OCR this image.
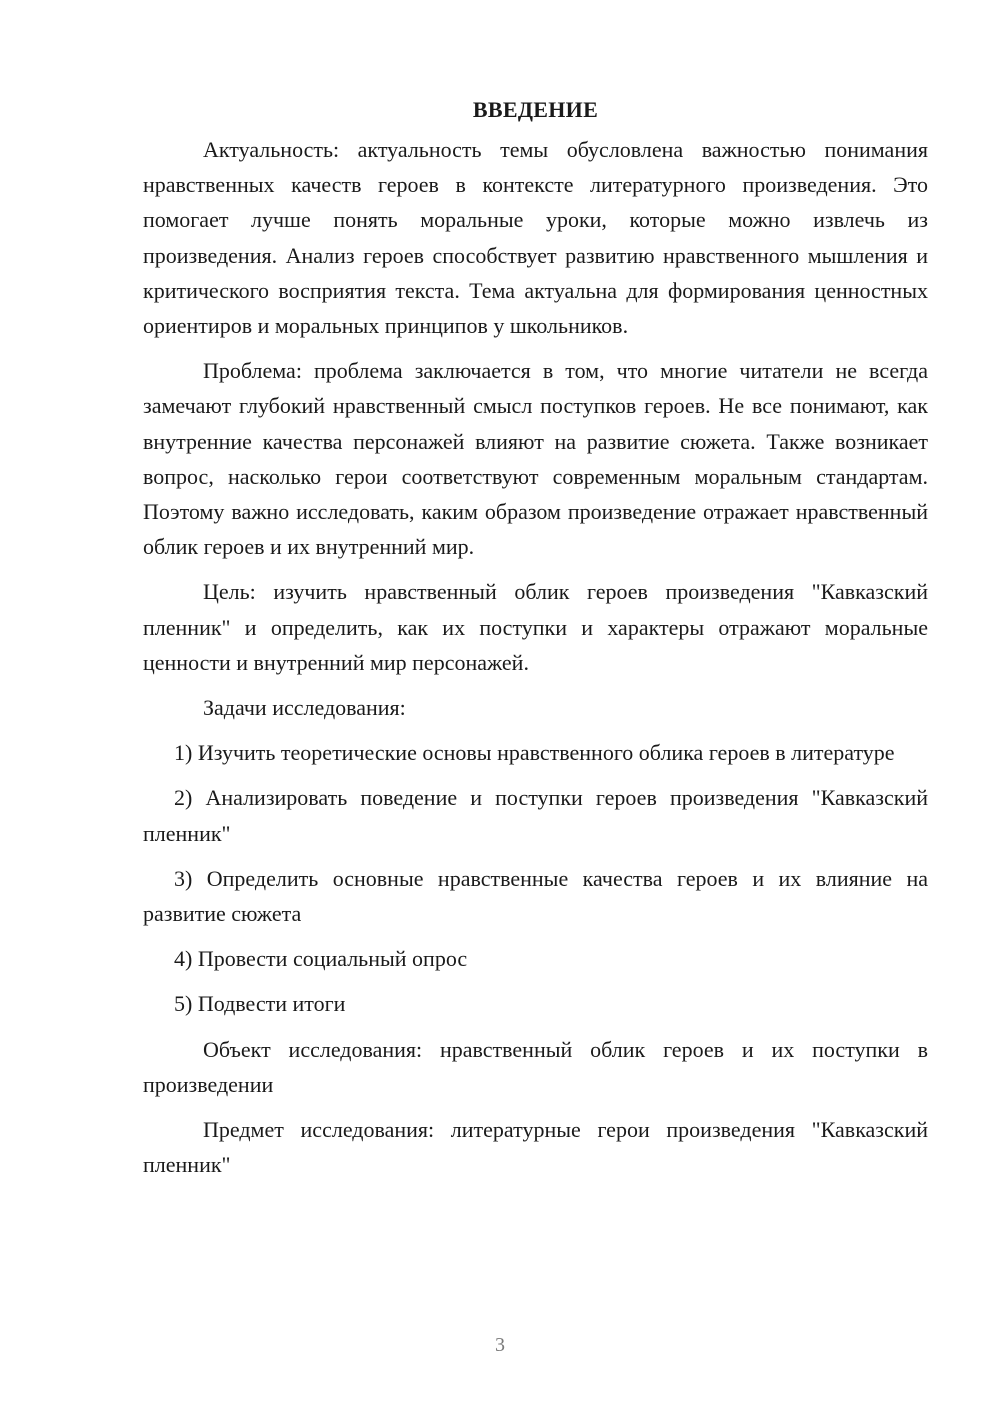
ВВЕДЕНИЕ

Актуальность: актуальность темы обусловлена важностью понимания нравственных качеств героев в контексте литературного произведения. Это помогает лучше понять моральные уроки, которые можно извлечь из произведения. Анализ героев способствует развитию нравственного мышления и критического восприятия текста. Тема актуальна для формирования ценностных ориентиров и моральных принципов у школьников.

Проблема: проблема заключается в том, что многие читатели не всегда замечают глубокий нравственный смысл поступков героев. Не все понимают, как внутренние качества персонажей влияют на развитие сюжета. Также возникает вопрос, насколько герои соответствуют современным моральным стандартам. Поэтому важно исследовать, каким образом произведение отражает нравственный облик героев и их внутренний мир.

Цель: изучить нравственный облик героев произведения "Кавказский пленник" и определить, как их поступки и характеры отражают моральные ценности и внутренний мир персонажей.

Задачи исследования:

1) Изучить теоретические основы нравственного облика героев в литературе

2) Анализировать поведение и поступки героев произведения "Кавказский пленник"

3) Определить основные нравственные качества героев и их влияние на развитие сюжета

4) Провести социальный опрос

5) Подвести итоги

Объект исследования: нравственный облик героев и их поступки в произведении

Предмет исследования: литературные герои произведения "Кавказский пленник"

3
